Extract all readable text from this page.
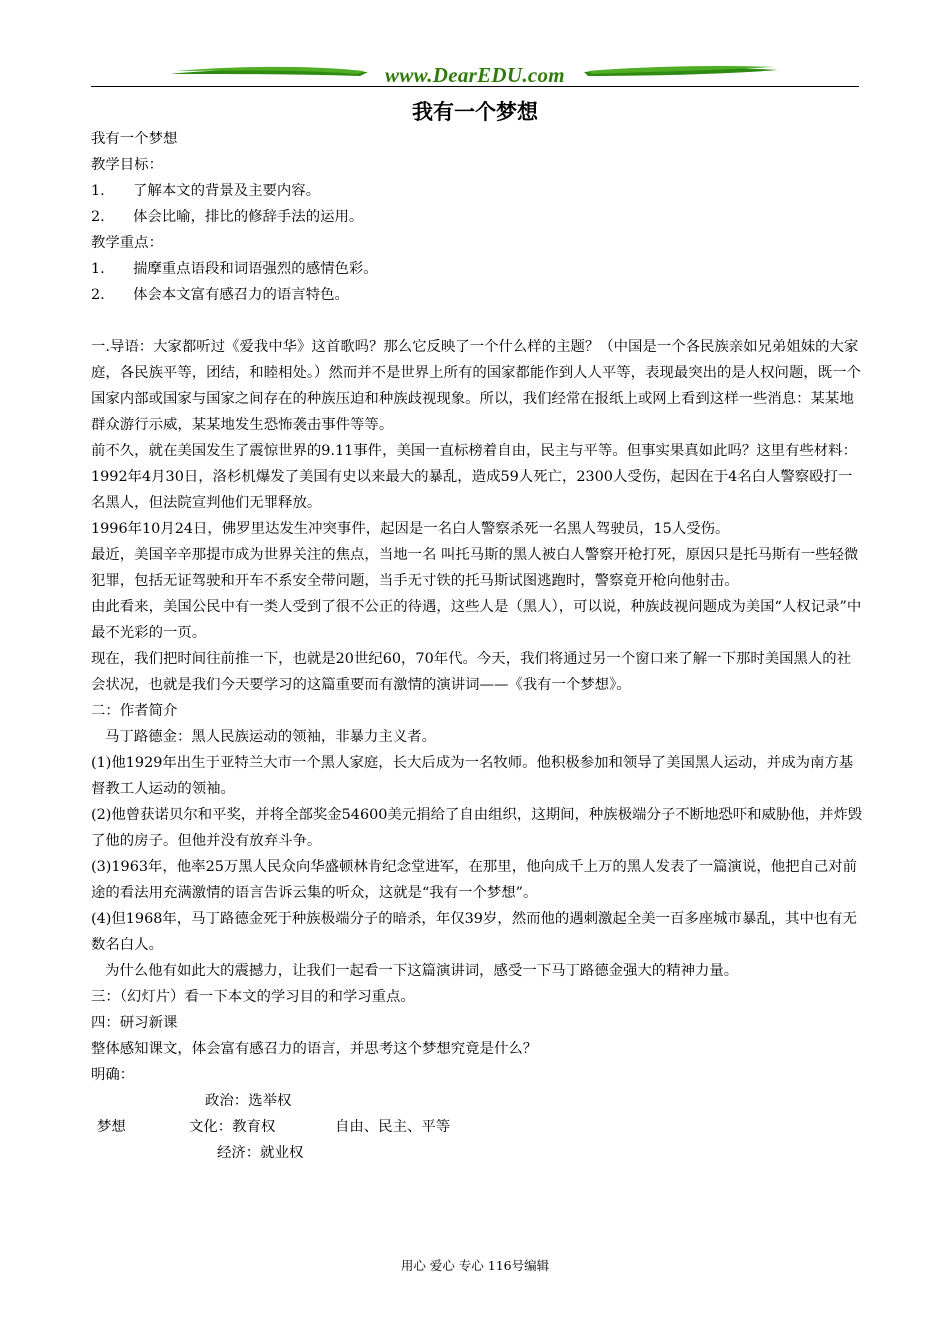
www.DearEDU.com
我有一个梦想

我有一个梦想

教学目标：

1. 了解本文的背景及主要内容。

2. 体会比喻，排比的修辞手法的运用。

教学重点：

1. 揣摩重点语段和词语强烈的感情色彩。

2. 体会本文富有感召力的语言特色。

一.导语：大家都听过《爱我中华》这首歌吗？那么它反映了一个什么样的主题？（中国是一个各民族亲如兄弟姐妹的大家庭，各民族平等，团结，和睦相处。）然而并不是世界上所有的国家都能作到人人平等，表现最突出的是人权问题，既一个国家内部或国家与国家之间存在的种族压迫和种族歧视现象。所以，我们经常在报纸上或网上看到这样一些消息：某某地群众游行示威，某某地发生恐怖袭击事件等等。

前不久，就在美国发生了震惊世界的9.11事件，美国一直标榜着自由，民主与平等。但事实果真如此吗？这里有些材料：

1992年4月30日，洛杉机爆发了美国有史以来最大的暴乱，造成59人死亡，2300人受伤，起因在于4名白人警察殴打一名黑人，但法院宣判他们无罪释放。

1996年10月24日，佛罗里达发生冲突事件，起因是一名白人警察杀死一名黑人驾驶员，15人受伤。

最近，美国辛辛那提市成为世界关注的焦点，当地一名 叫托马斯的黑人被白人警察开枪打死，原因只是托马斯有一些轻微犯罪，包括无证驾驶和开车不系安全带问题，当手无寸铁的托马斯试图逃跑时，警察竟开枪向他射击。

由此看来，美国公民中有一类人受到了很不公正的待遇，这些人是（黑人），可以说，种族歧视问题成为美国“人权记录”中最不光彩的一页。

现在，我们把时间往前推一下，也就是20世纪60，70年代。今天，我们将通过另一个窗口来了解一下那时美国黑人的社会状况，也就是我们今天要学习的这篇重要而有激情的演讲词——《我有一个梦想》。

二：作者简介

马丁路德金：黑人民族运动的领袖，非暴力主义者。

(1)他1929年出生于亚特兰大市一个黑人家庭，长大后成为一名牧师。他积极参加和领导了美国黑人运动，并成为南方基督教工人运动的领袖。

(2)他曾获诺贝尔和平奖，并将全部奖金54600美元捐给了自由组织，这期间，种族极端分子不断地恐吓和威胁他，并炸毁了他的房子。但他并没有放弃斗争。

(3)1963年，他率25万黑人民众向华盛顿林肯纪念堂进军，在那里，他向成千上万的黑人发表了一篇演说，他把自己对前途的看法用充满激情的语言告诉云集的听众，这就是“我有一个梦想”。

(4)但1968年，马丁路德金死于种族极端分子的暗杀，年仅39岁，然而他的遇刺激起全美一百多座城市暴乱，其中也有无数名白人。

为什么他有如此大的震撼力，让我们一起看一下这篇演讲词，感受一下马丁路德金强大的精神力量。

三：（幻灯片）看一下本文的学习目的和学习重点。

四：研习新课

整体感知课文，体会富有感召力的语言，并思考这个梦想究竟是什么？

明确：

政治：选举权
梦想	文化：教育权	自由、民主、平等
经济：就业权
用心 爱心 专心 116号编辑
